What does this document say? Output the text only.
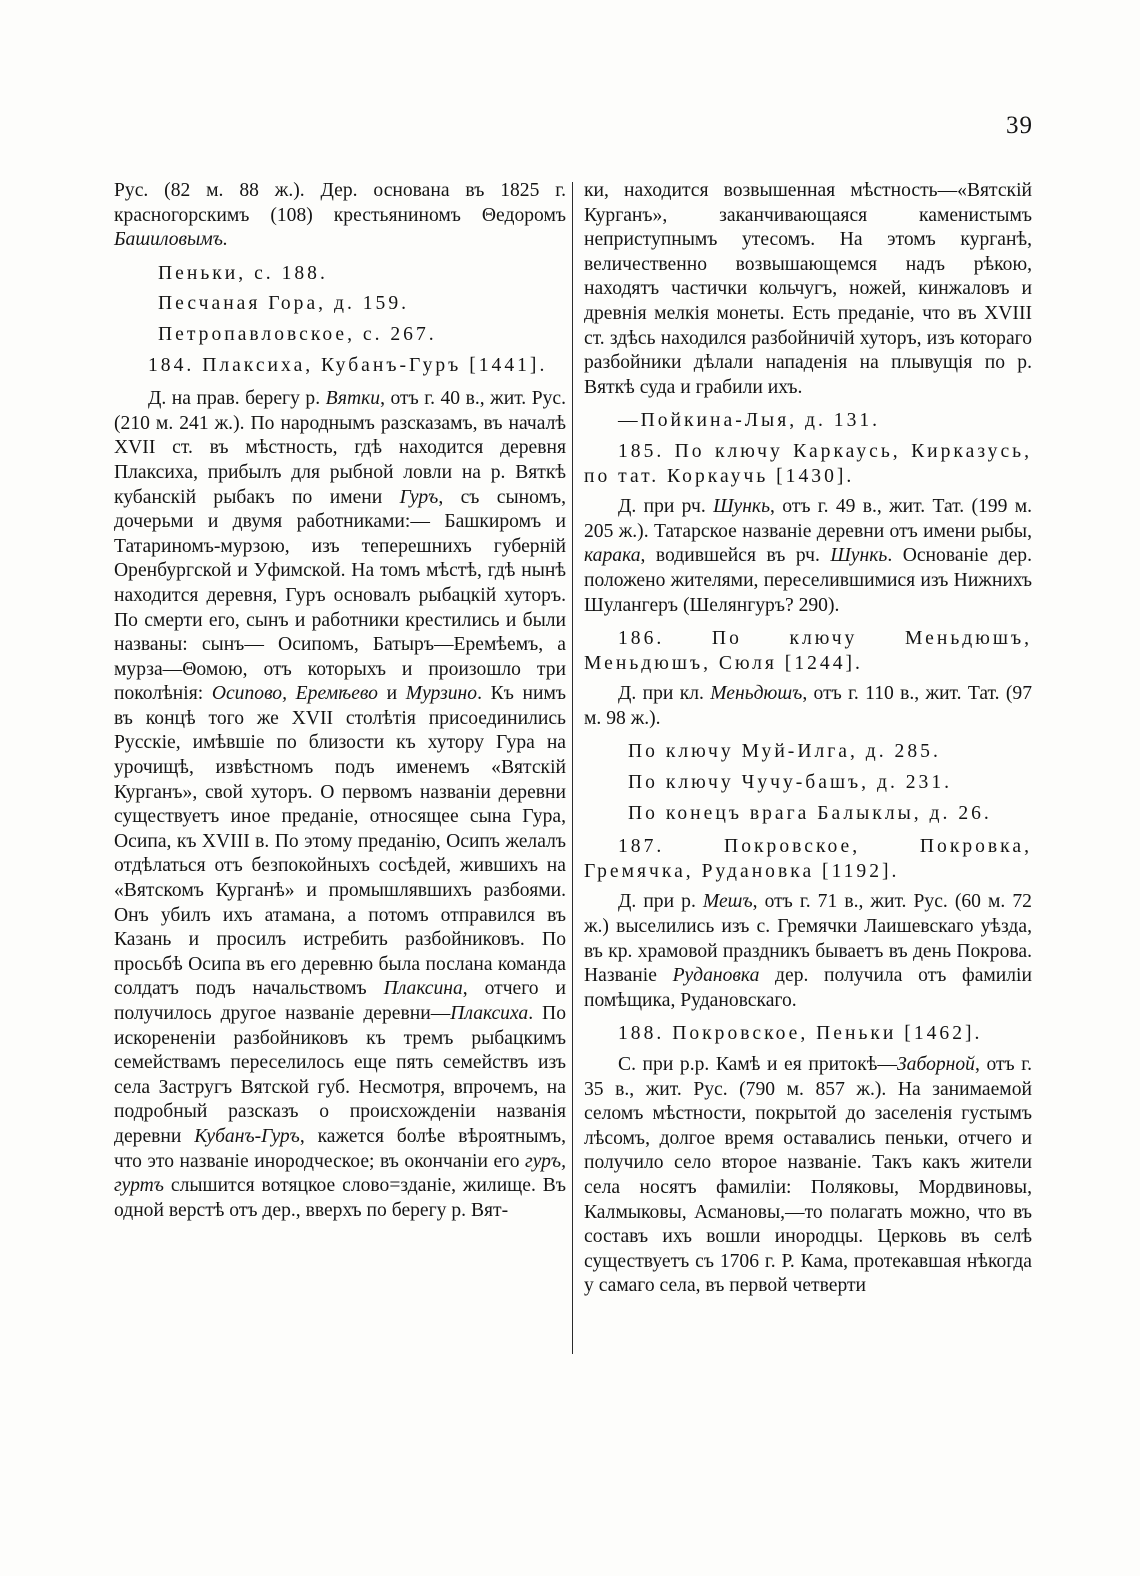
39

Рус. (82 м. 88 ж.). Дер. основана въ 1825 г. красногорскимъ (108) крестьяниномъ Θедоромъ Башиловымъ.

Пеньки, с. 188.

Песчаная Гора, д. 159.

Петропавловское, с. 267.

184. Плаксиха, Кубанъ-Гуръ [1441].

Д. на прав. берегу р. Вятки, отъ г. 40 в., жит. Рус. (210 м. 241 ж.). По народнымъ разсказамъ, въ началѣ XVII ст. въ мѣстность, гдѣ находится деревня Плаксиха, прибылъ для рыбной ловли на р. Вяткѣ кубанскій рыбакъ по имени Гуръ, съ сыномъ, дочерьми и двумя работниками:— Башкиромъ и Татариномъ-мурзою, изъ теперешнихъ губерній Оренбургской и Уфимской. На томъ мѣстѣ, гдѣ нынѣ находится деревня, Гуръ основалъ рыбацкій хуторъ. По смерти его, сынъ и работники крестились и были названы: сынъ— Осипомъ, Батыръ—Еремѣемъ, а мурза—Θомою, отъ которыхъ и произошло три поколѣнія: Осипово, Еремѣево и Мурзино. Къ нимъ въ концѣ того же XVII столѣтія присоединились Русскіе, имѣвшіе по близости къ хутору Гура на урочищѣ, извѣстномъ подъ именемъ «Вятскій Курганъ», свой хуторъ. О первомъ названіи деревни существуетъ иное преданіе, относящее сына Гура, Осипа, къ XVIII в. По этому преданію, Осипъ желалъ отдѣлаться отъ безпокойныхъ сосѣдей, жившихъ на «Вятскомъ Курганѣ» и промышлявшихъ разбоями. Онъ убилъ ихъ атамана, а потомъ отправился въ Казань и просилъ истребить разбойниковъ. По просьбѣ Осипа въ его деревню была послана команда солдатъ подъ начальствомъ Плаксина, отчего и получилось другое названіе деревни—Плаксиха. По искорененіи разбойниковъ къ тремъ рыбацкимъ семействамъ переселилось еще пять семействъ изъ села Застругъ Вятской губ. Несмотря, впрочемъ, на подробный разсказъ о происхожденіи названія деревни Кубанъ-Гуръ, кажется болѣе вѣроятнымъ, что это названіе инородческое; въ окончаніи его гуръ, гуртъ слышится вотяцкое слово=зданіе, жилище. Въ одной верстѣ отъ дер., вверхъ по берегу р. Вят-

ки, находится возвышенная мѣстность—«Вятскій Курганъ», заканчивающаяся каменистымъ неприступнымъ утесомъ. На этомъ курганѣ, величественно возвышающемся надъ рѣкою, находятъ частички кольчугъ, ножей, кинжаловъ и древнія мелкія монеты. Есть преданіе, что въ XVIII ст. здѣсь находился разбойничій хуторъ, изъ котораго разбойники дѣлали нападенія на плывущія по р. Вяткѣ суда и грабили ихъ.

—Пойкина-Лыя, д. 131.

185. По ключу Каркаусь, Кирказусь, по тат. Коркаучь [1430].

Д. при рч. Шункь, отъ г. 49 в., жит. Тат. (199 м. 205 ж.). Татарское названіе деревни отъ имени рыбы, карака, водившейся въ рч. Шункь. Основаніе дер. положено жителями, переселившимися изъ Нижнихъ Шулангеръ (Шелянгуръ? 290).

186. По ключу Меньдюшъ, Меньдюшъ, Сюля [1244].

Д. при кл. Меньдюшъ, отъ г. 110 в., жит. Тат. (97 м. 98 ж.).

По ключу Муй-Илга, д. 285.

По ключу Чучу-башъ, д. 231.

По конецъ врага Балыклы, д. 26.

187. Покровское, Покровка, Гремячка, Рудановка [1192].

Д. при р. Мешъ, отъ г. 71 в., жит. Рус. (60 м. 72 ж.) выселились изъ с. Гремячки Лаишевскаго уѣзда, въ кр. храмовой праздникъ бываетъ въ день Покрова. Названіе Рудановка дер. получила отъ фамиліи помѣщика, Рудановскаго.

188. Покровское, Пеньки [1462].

С. при р.р. Камѣ и ея притокѣ—Заборной, отъ г. 35 в., жит. Рус. (790 м. 857 ж.). На занимаемой селомъ мѣстности, покрытой до заселенія густымъ лѣсомъ, долгое время оставались пеньки, отчего и получило село второе названіе. Такъ какъ жители села носятъ фамиліи: Поляковы, Мордвиновы, Калмыковы, Асмановы,—то полагать можно, что въ составъ ихъ вошли инородцы. Церковь въ селѣ существуетъ съ 1706 г. Р. Кама, протекавшая нѣкогда у самаго села, въ первой четверти
